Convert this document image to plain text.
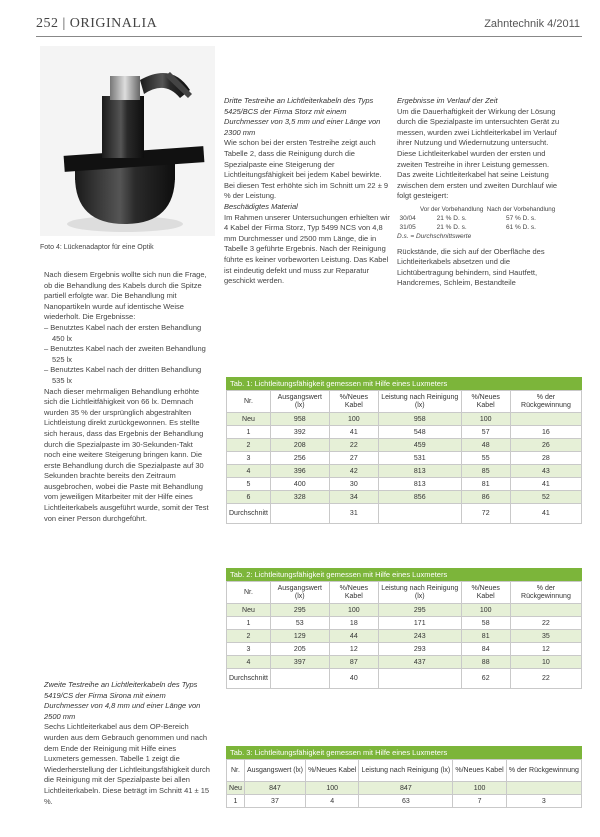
252 | ORIGINALIA	Zahntechnik 4/2011
Foto 4: Lückenadaptor für eine Optik

Nach diesem Ergebnis wollte sich nun die Frage, ob die Behandlung des Kabels durch die Spitze partiell erfolgte war. Die Behandlung mit Nanopartikeln wurde auf identische Weise wiederholt. Die Ergebnisse:

– Benutztes Kabel nach der ersten Behandlung 450 lx
– Benutztes Kabel nach der zweiten Behandlung 525 lx
– Benutztes Kabel nach der dritten Behandlung 535 lx

Nach dieser mehrmaligen Behandlung erhöhte sich die Lichtleitfähigkeit von 66 lx. Demnach wurden 35 % der ursprünglich abgestrahlten Lichtleistung direkt zurückgewonnen. Es stellte sich heraus, dass das Ergebnis der Behandlung durch die Spezialpaste im 30-Sekunden-Takt noch eine weitere Steigerung bringen kann. Die erste Behandlung durch die Spezialpaste auf 30 Sekunden brachte bereits den Zeitraum ausgebrochen, wobei die Paste mit Behandlung vom jeweiligen Mitarbeiter mit der Hilfe eines Lichtleiterkabels ausgeführt wurde, somit der Test von einer Person durchgeführt.

Zweite Testreihe an Lichtleiterkabeln des Typs 5419/CS der Firma Sirona mit einem Durchmesser von 4,8 mm und einer Länge von 2500 mm

Sechs Lichtleiterkabel aus dem OP-Bereich wurden aus dem Gebrauch genommen und nach dem Ende der Reinigung mit Hilfe eines Luxmeters gemessen. Tabelle 1 zeigt die Wiederherstellung der Lichtleitungsfähigkeit durch die Reinigung mit der Spezialpaste bei allen Lichtleiterkabeln. Diese beträgt im Schnitt 41 ± 15 %.

Dritte Testreihe an Lichtleiterkabeln des Typs 5425/BCS der Firma Storz mit einem Durchmesser von 3,5 mm und einer Länge von 2300 mm

Wie schon bei der ersten Testreihe zeigt auch Tabelle 2, dass die Reinigung durch die Spezialpaste eine Steigerung der Lichtleitungsfähigkeit bei jedem Kabel bewirkte. Bei diesen Test erhöhte sich im Schnitt um 22 ± 9 % der Leistung.

Beschädigtes Material

Im Rahmen unserer Untersuchungen erhielten wir 4 Kabel der Firma Storz, Typ 5499 NCS von 4,8 mm Durchmesser und 2500 mm Länge, die in Tabelle 3 geführte Ergebnis. Nach der Reinigung führte es keiner vorbeworten Leistung. Das Kabel ist eindeutig defekt und muss zur Reparatur geschickt werden.

Ergebnisse im Verlauf der Zeit

Um die Dauerhaftigkeit der Wirkung der Lösung durch die Spezialpaste im untersuchten Gerät zu messen, wurden zwei Lichtleiterkabel im Verlauf ihrer Nutzung und Wiedernutzung untersucht. Diese Lichtleiterkabel wurden der ersten und zweiten Testreihe in ihrer Leistung gemessen. Das zweite Lichtleiterkabel hat seine Leistung zwischen dem ersten und zweiten Durchlauf wie folgt gesteigert:

	Vor der Vorbehandlung	Nach der Vorbehandlung
30/04	21 % D. s.	57 % D. s.
31/05	21 % D. s.	61 % D. s.

D.s. = Durchschnittswerte

Rückstände, die sich auf der Oberfläche des Lichtleiterkabels absetzen und die Lichtübertragung behindern, sind Hautfett, Handcremes, Schleim, Bestandteile

Tab. 1: Lichtleitungsfähigkeit gemessen mit Hilfe eines Luxmeters
Nr.	Ausgangswert (lx)	%/Neues Kabel	Leistung nach Reinigung (lx)	%/Neues Kabel	% der Rückgewinnung
Neu	958	100	958	100	
1	392	41	548	57	16
2	208	22	459	48	26
3	256	27	531	55	28
4	396	42	813	85	43
5	400	30	813	81	41
6	328	34	856	86	52
Durchschnitt		31		72	41
Tab. 2: Lichtleitungsfähigkeit gemessen mit Hilfe eines Luxmeters
Nr.	Ausgangswert (lx)	%/Neues Kabel	Leistung nach Reinigung (lx)	%/Neues Kabel	% der Rückgewinnung
Neu	295	100	295	100	
1	53	18	171	58	22
2	129	44	243	81	35
3	205	12	293	84	12
4	397	87	437	88	10
Durchschnitt		40		62	22
Tab. 3: Lichtleitungsfähigkeit gemessen mit Hilfe eines Luxmeters
Nr.	Ausgangswert (lx)	%/Neues Kabel	Leistung nach Reinigung (lx)	%/Neues Kabel	% der Rückgewinnung
Neu	847	100	847	100	
1	37	4	63	7	3
